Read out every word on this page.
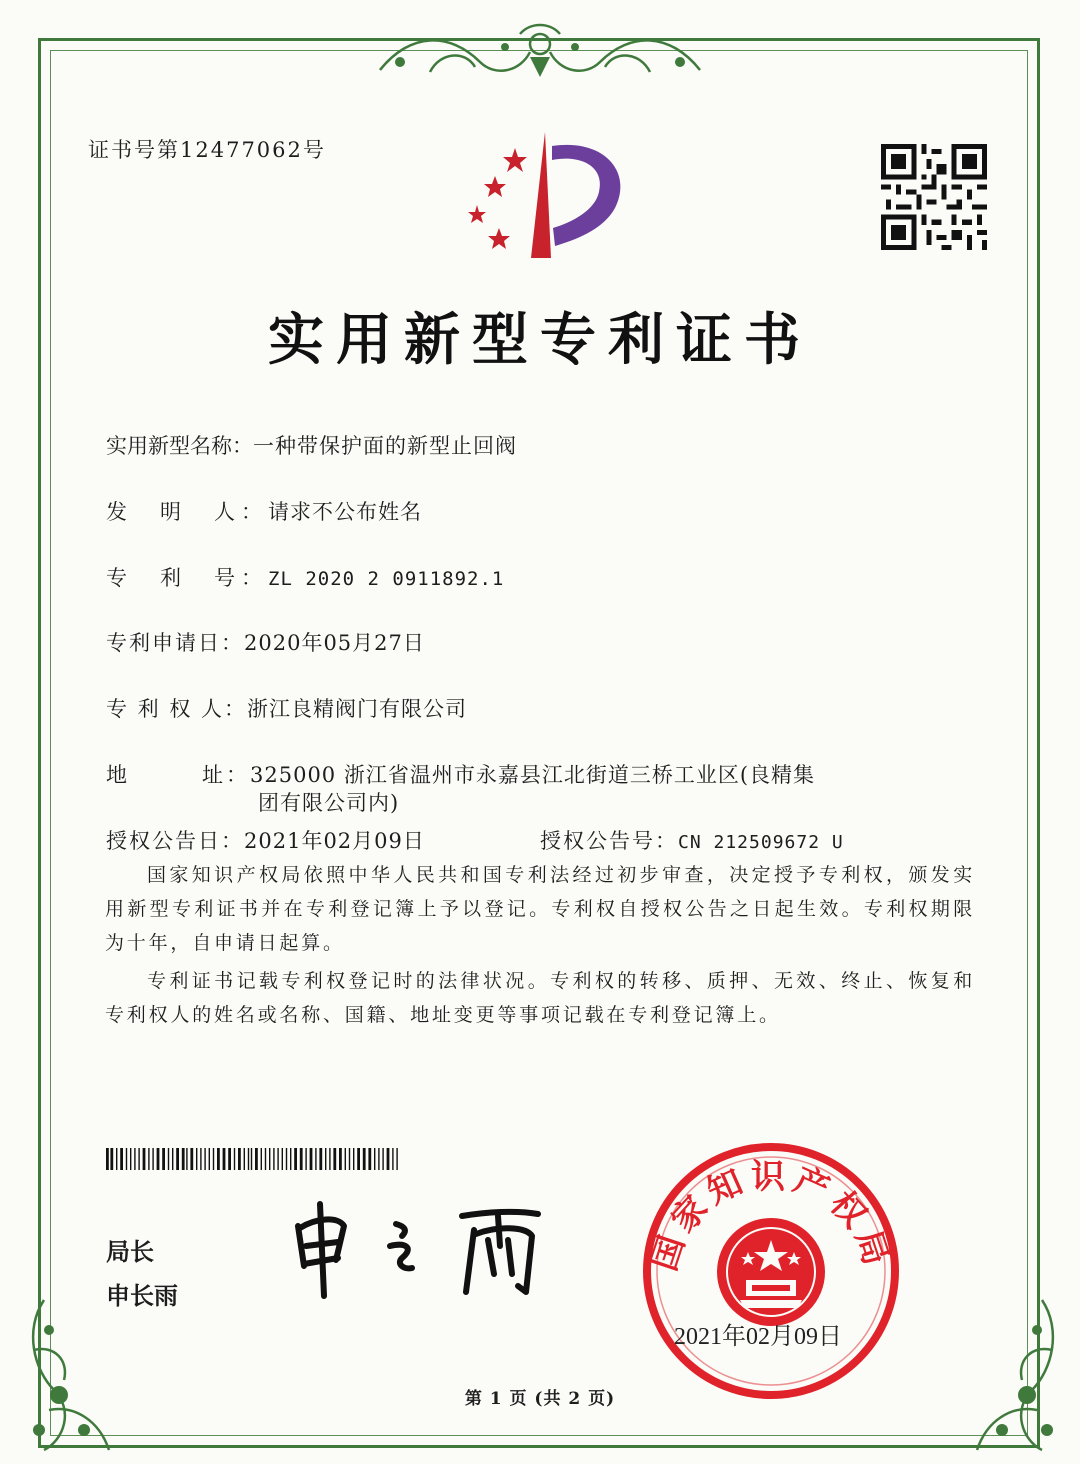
证书号第12477062号
实用新型专利证书
实用新型名称：一种带保护面的新型止回阀
发　明　人：请求不公布姓名
专　利　号：ZL 2020 2 0911892.1
专利申请日：2020年05月27日
专 利 权 人：浙江良精阀门有限公司
地　　　址：325000 浙江省温州市永嘉县江北街道三桥工业区(良精集
团有限公司内)
授权公告日：2021年02月09日	授权公告号：CN 212509672 U

国家知识产权局依照中华人民共和国专利法经过初步审查，决定授予专利权，颁发实用新型专利证书并在专利登记簿上予以登记。专利权自授权公告之日起生效。专利权期限为十年，自申请日起算。

专利证书记载专利权登记时的法律状况。专利权的转移、质押、无效、终止、恢复和专利权人的姓名或名称、国籍、地址变更等事项记载在专利登记簿上。

局长
申长雨
国家知识产权局
2021年02月09日
第 1 页 (共 2 页)
